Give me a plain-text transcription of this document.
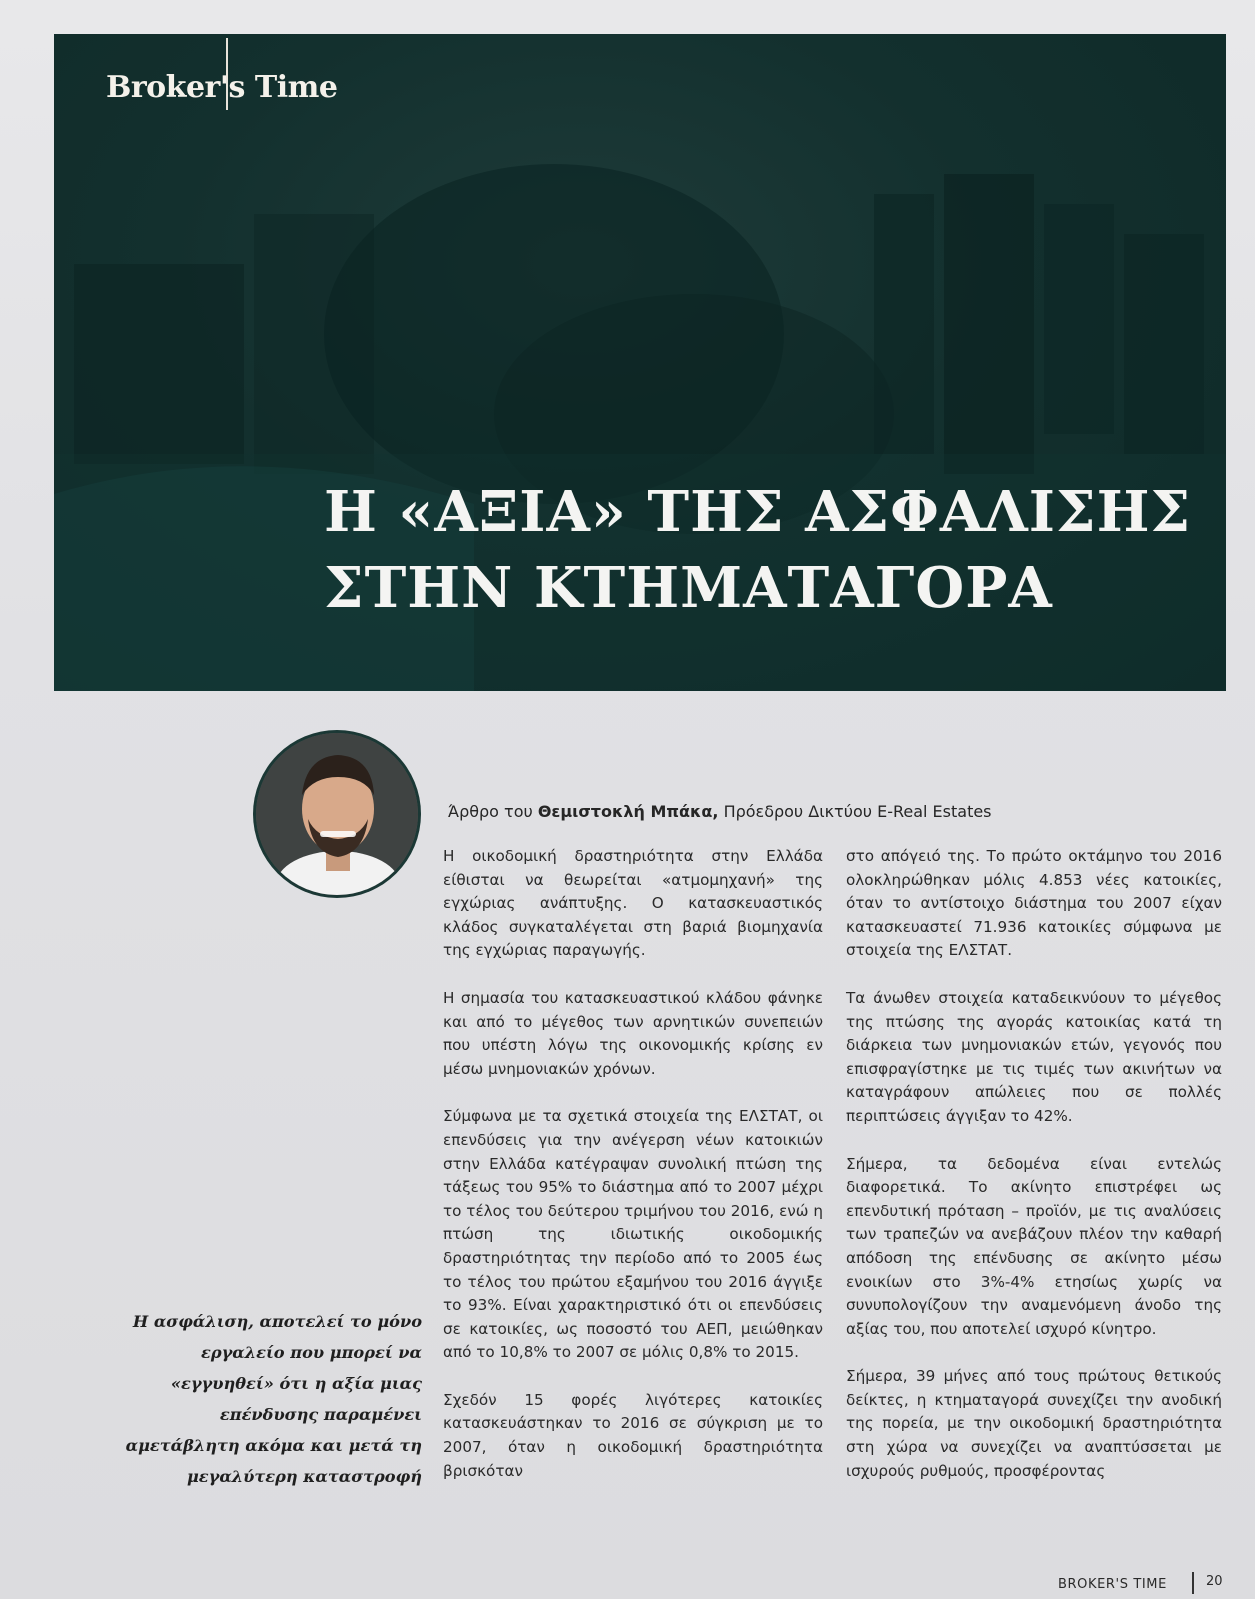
Broker's Time
Η «ΑΞΙΑ» ΤΗΣ ΑΣΦΑΛΙΣΗΣ
ΣΤΗΝ ΚΤΗΜΑΤΑΓΟΡΑ
Άρθρο του Θεμιστοκλή Μπάκα, Πρόεδρου Δικτύου E-Real Estates

Η οικοδομική δραστηριότητα στην Ελλάδα είθισται να θεωρείται «ατμομηχανή» της εγχώριας ανάπτυξης. Ο κατασκευαστικός κλάδος συγκαταλέγεται στη βαριά βιομηχανία της εγχώριας παραγωγής.

Η σημασία του κατασκευαστικού κλάδου φάνηκε και από το μέγεθος των αρνητικών συνεπειών που υπέστη λόγω της οικονομικής κρίσης εν μέσω μνημονιακών χρόνων.

Σύμφωνα με τα σχετικά στοιχεία της ΕΛΣΤΑΤ, οι επενδύσεις για την ανέγερση νέων κατοικιών στην Ελλάδα κατέγραψαν συνολική πτώση της τάξεως του 95% το διάστημα από το 2007 μέχρι το τέλος του δεύτερου τριμήνου του 2016, ενώ η πτώση της ιδιωτικής οικοδομικής δραστηριότητας την περίοδο από το 2005 έως το τέλος του πρώτου εξαμήνου του 2016 άγγιξε το 93%. Είναι χαρακτηριστικό ότι οι επενδύσεις σε κατοικίες, ως ποσοστό του ΑΕΠ, μειώθηκαν από το 10,8% το 2007 σε μόλις 0,8% το 2015.

Σχεδόν 15 φορές λιγότερες κατοικίες κατασκευάστηκαν το 2016 σε σύγκριση με το 2007, όταν η οικοδομική δραστηριότητα βρισκόταν

στο απόγειό της. Το πρώτο οκτάμηνο του 2016 ολοκληρώθηκαν μόλις 4.853 νέες κατοικίες, όταν το αντίστοιχο διάστημα του 2007 είχαν κατασκευαστεί 71.936 κατοικίες σύμφωνα με στοιχεία της ΕΛΣΤΑΤ.

Τα άνωθεν στοιχεία καταδεικνύουν το μέγεθος της πτώσης της αγοράς κατοικίας κατά τη διάρκεια των μνημονιακών ετών, γεγονός που επισφραγίστηκε με τις τιμές των ακινήτων να καταγράφουν απώλειες που σε πολλές περιπτώσεις άγγιξαν το 42%.

Σήμερα, τα δεδομένα είναι εντελώς διαφορετικά. Το ακίνητο επιστρέφει ως επενδυτική πρόταση – προϊόν, με τις αναλύσεις των τραπεζών να ανεβάζουν πλέον την καθαρή απόδοση της επένδυσης σε ακίνητο μέσω ενοικίων στο 3%-4% ετησίως χωρίς να συνυπολογίζουν την αναμενόμενη άνοδο της αξίας του, που αποτελεί ισχυρό κίνητρο.

Σήμερα, 39 μήνες από τους πρώτους θετικούς δείκτες, η κτηματαγορά συνεχίζει την ανοδική της πορεία, με την οικοδομική δραστηριότητα στη χώρα να συνεχίζει να αναπτύσσεται με ισχυρούς ρυθμούς, προσφέροντας

Η ασφάλιση, αποτελεί το μόνο εργαλείο που μπορεί να «εγγυηθεί» ότι η αξία μιας επένδυσης παραμένει αμετάβλητη ακόμα και μετά τη μεγαλύτερη καταστροφή
BROKER'S TIME	20
